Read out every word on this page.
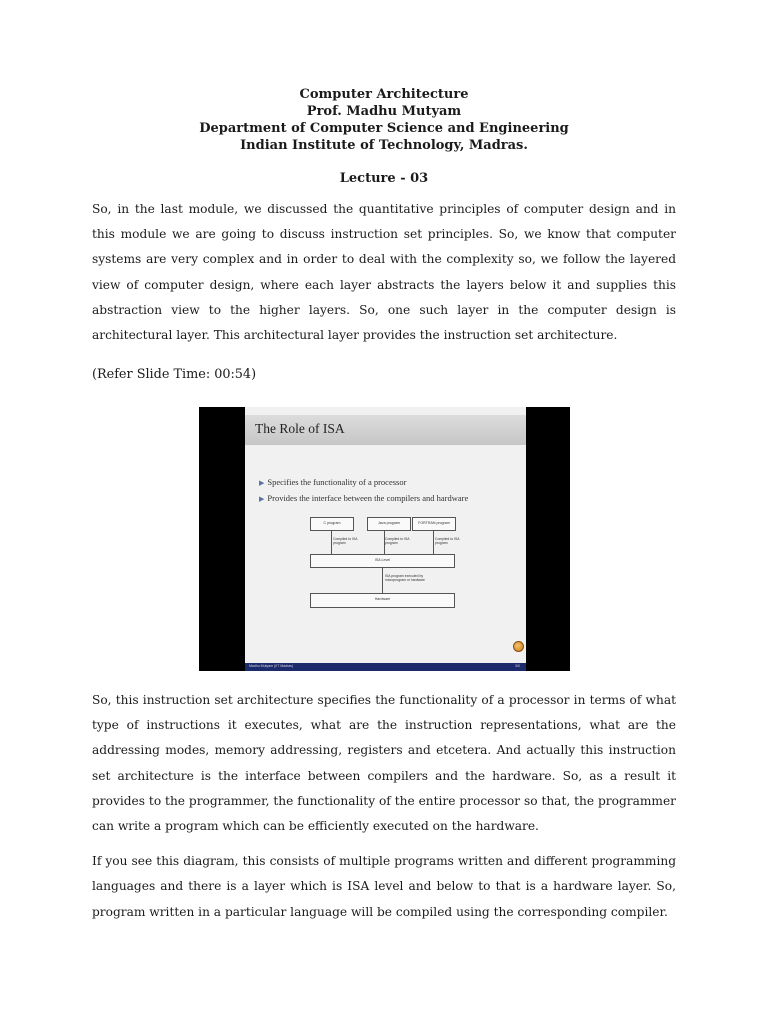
Computer Architecture
Prof. Madhu Mutyam
Department of Computer Science and Engineering
Indian Institute of Technology, Madras.
Lecture - 03

So, in the last module, we discussed the quantitative principles of computer design and in this module we are going to discuss instruction set principles. So, we know that computer systems are very complex and in order to deal with the complexity so, we follow the layered view of computer design, where each layer abstracts the layers below it and supplies this abstraction view to the higher layers. So, one such layer in the computer design is architectural layer. This architectural layer provides the instruction set architecture.

(Refer Slide Time: 00:54)
The Role of ISA
▶ Specifies the functionality of a processor
▶ Provides the interface between the compilers and hardware
C program	Java program	FORTRAN program
Compiled to ISA program
Compiled to ISA program
Compiled to ISA program
ISA Level
ISA program executed by microprogram or hardware
Hardware
Madhu Mutyam (IIT Madras)	3/0

So, this instruction set architecture specifies the functionality of a processor in terms of what type of instructions it executes, what are the instruction representations, what are the addressing modes, memory addressing, registers and etcetera. And actually this instruction set architecture is the interface between compilers and the hardware. So, as a result it provides to the programmer, the functionality of the entire processor so that, the programmer can write a program which can be efficiently executed on the hardware.

If you see this diagram, this consists of multiple programs written and different programming languages and there is a layer which is ISA level and below to that is a hardware layer. So, program written in a particular language will be compiled using the corresponding compiler.
